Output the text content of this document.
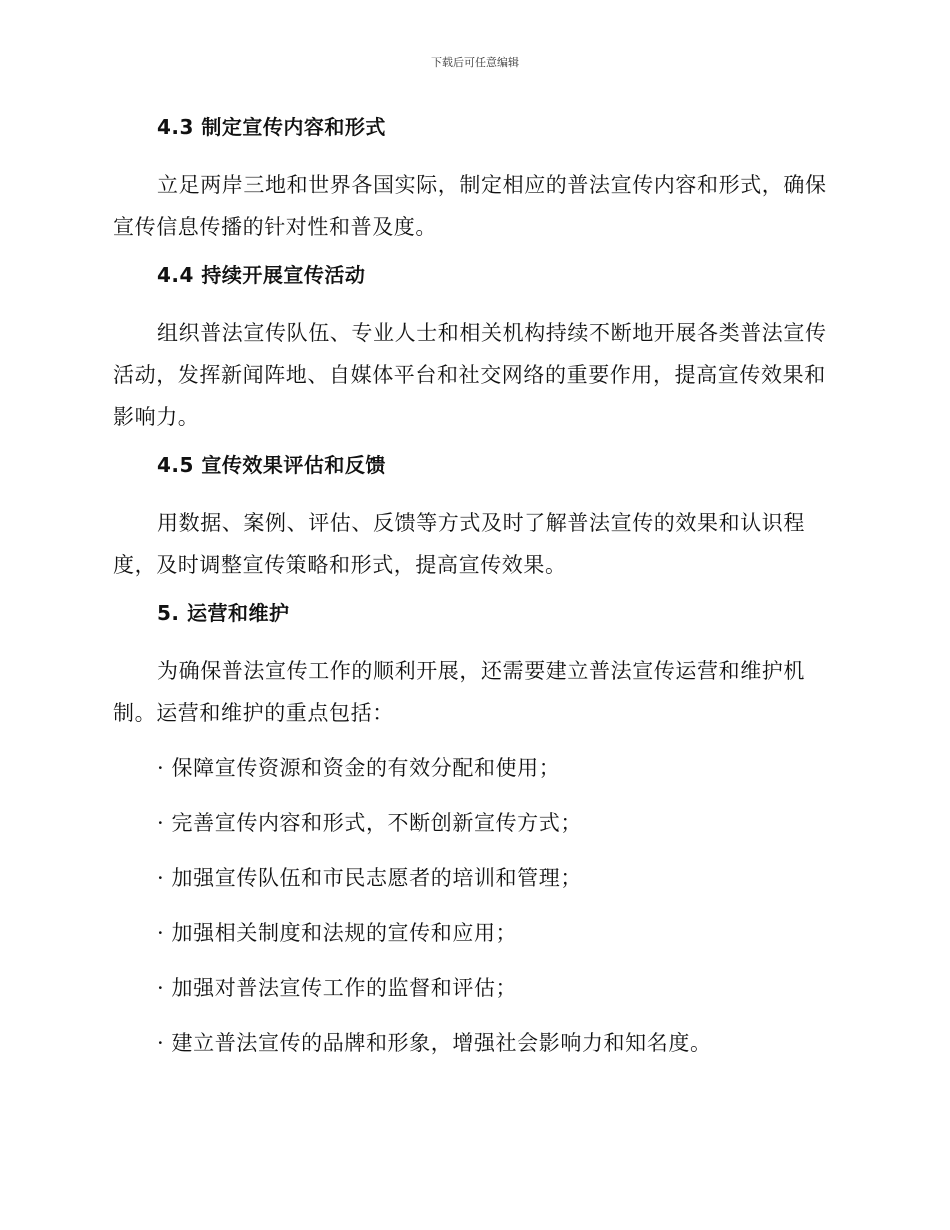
下载后可任意编辑

4.3 制定宣传内容和形式

立足两岸三地和世界各国实际，制定相应的普法宣传内容和形式，确保宣传信息传播的针对性和普及度。

4.4 持续开展宣传活动

组织普法宣传队伍、专业人士和相关机构持续不断地开展各类普法宣传活动，发挥新闻阵地、自媒体平台和社交网络的重要作用，提高宣传效果和影响力。

4.5 宣传效果评估和反馈

用数据、案例、评估、反馈等方式及时了解普法宣传的效果和认识程度，及时调整宣传策略和形式，提高宣传效果。

5. 运营和维护

为确保普法宣传工作的顺利开展，还需要建立普法宣传运营和维护机制。运营和维护的重点包括：

· 保障宣传资源和资金的有效分配和使用；

· 完善宣传内容和形式，不断创新宣传方式；

· 加强宣传队伍和市民志愿者的培训和管理；

· 加强相关制度和法规的宣传和应用；

· 加强对普法宣传工作的监督和评估；

· 建立普法宣传的品牌和形象，增强社会影响力和知名度。
